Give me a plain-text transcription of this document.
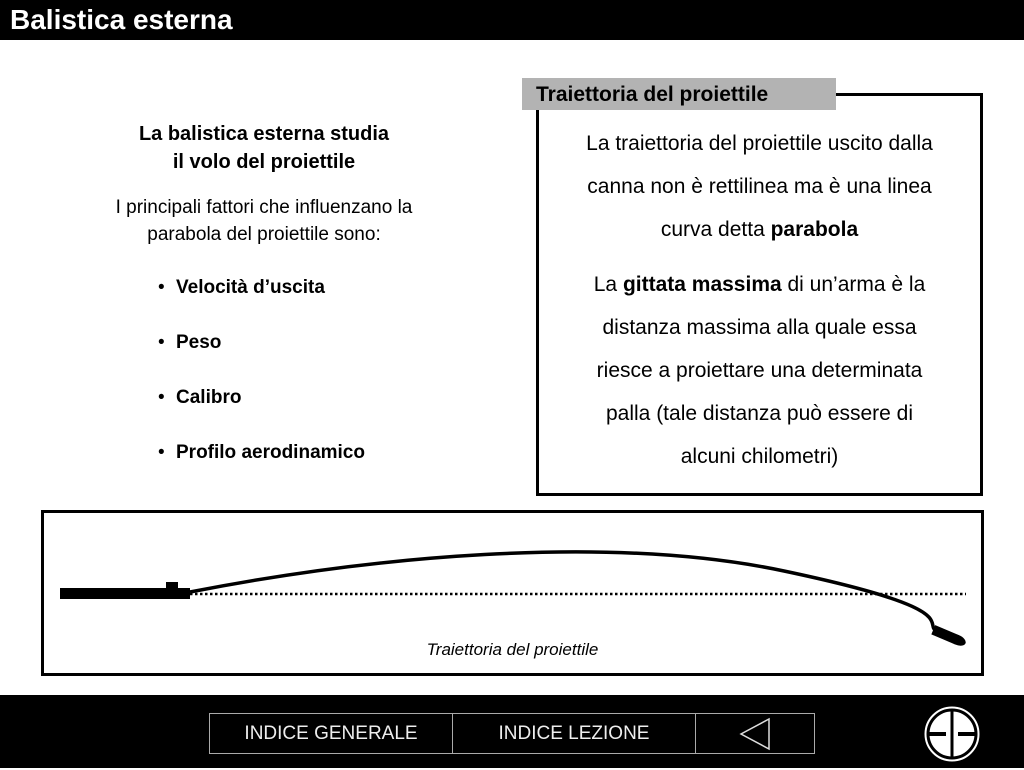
Balistica esterna
La balistica esterna studia
il volo del proiettile
I principali fattori che influenzano la
parabola del proiettile sono:
• Velocità d’uscita
• Peso
• Calibro
• Profilo aerodinamico

La traiettoria del proiettile uscito dalla

canna non è rettilinea ma è una linea

curva detta parabola

La gittata massima di un’arma è la

distanza massima alla quale essa

riesce a proiettare una determinata

palla (tale distanza può essere di

alcuni chilometri)

Traiettoria del proiettile
Traiettoria del proiettile
INDICE GENERALE	INDICE LEZIONE
